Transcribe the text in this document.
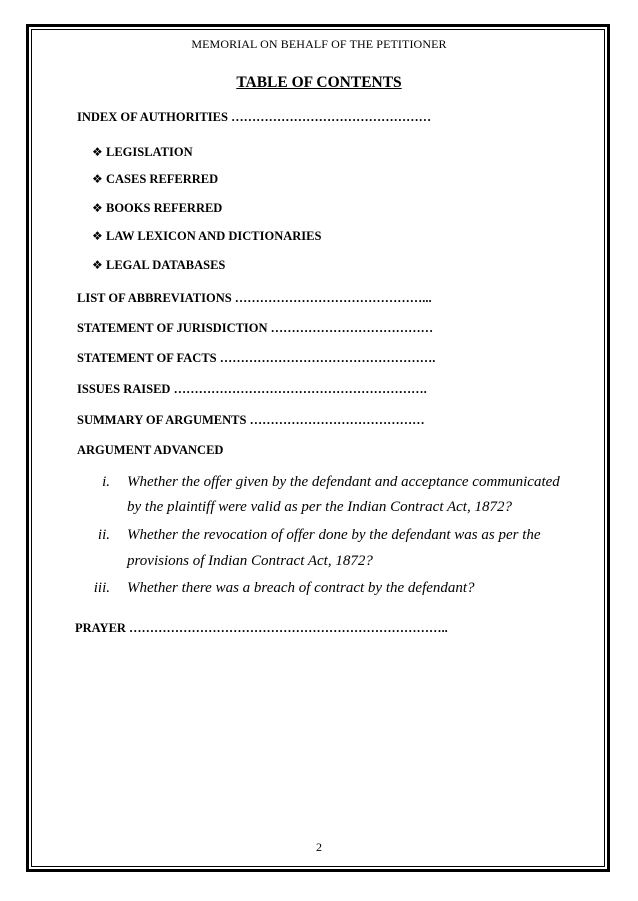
MEMORIAL ON BEHALF OF THE PETITIONER
TABLE OF CONTENTS
INDEX OF AUTHORITIES …………………………………………
❖ LEGISLATION
❖ CASES REFERRED
❖ BOOKS REFERRED
❖ LAW LEXICON AND DICTIONARIES
❖ LEGAL DATABASES
LIST OF ABBREVIATIONS ………………………………………...
STATEMENT OF JURISDICTION …………………………………
STATEMENT OF FACTS …………………………………………….
ISSUES RAISED …………………………………………………….
SUMMARY OF ARGUMENTS ……………………………………
ARGUMENT ADVANCED
i. Whether the offer given by the defendant and acceptance communicated
by the plaintiff were valid as per the Indian Contract Act, 1872?
ii. Whether the revocation of offer done by the defendant was as per the
provisions of Indian Contract Act, 1872?
iii. Whether there was a breach of contract by the defendant?
PRAYER …………………………………………………………………..
2
